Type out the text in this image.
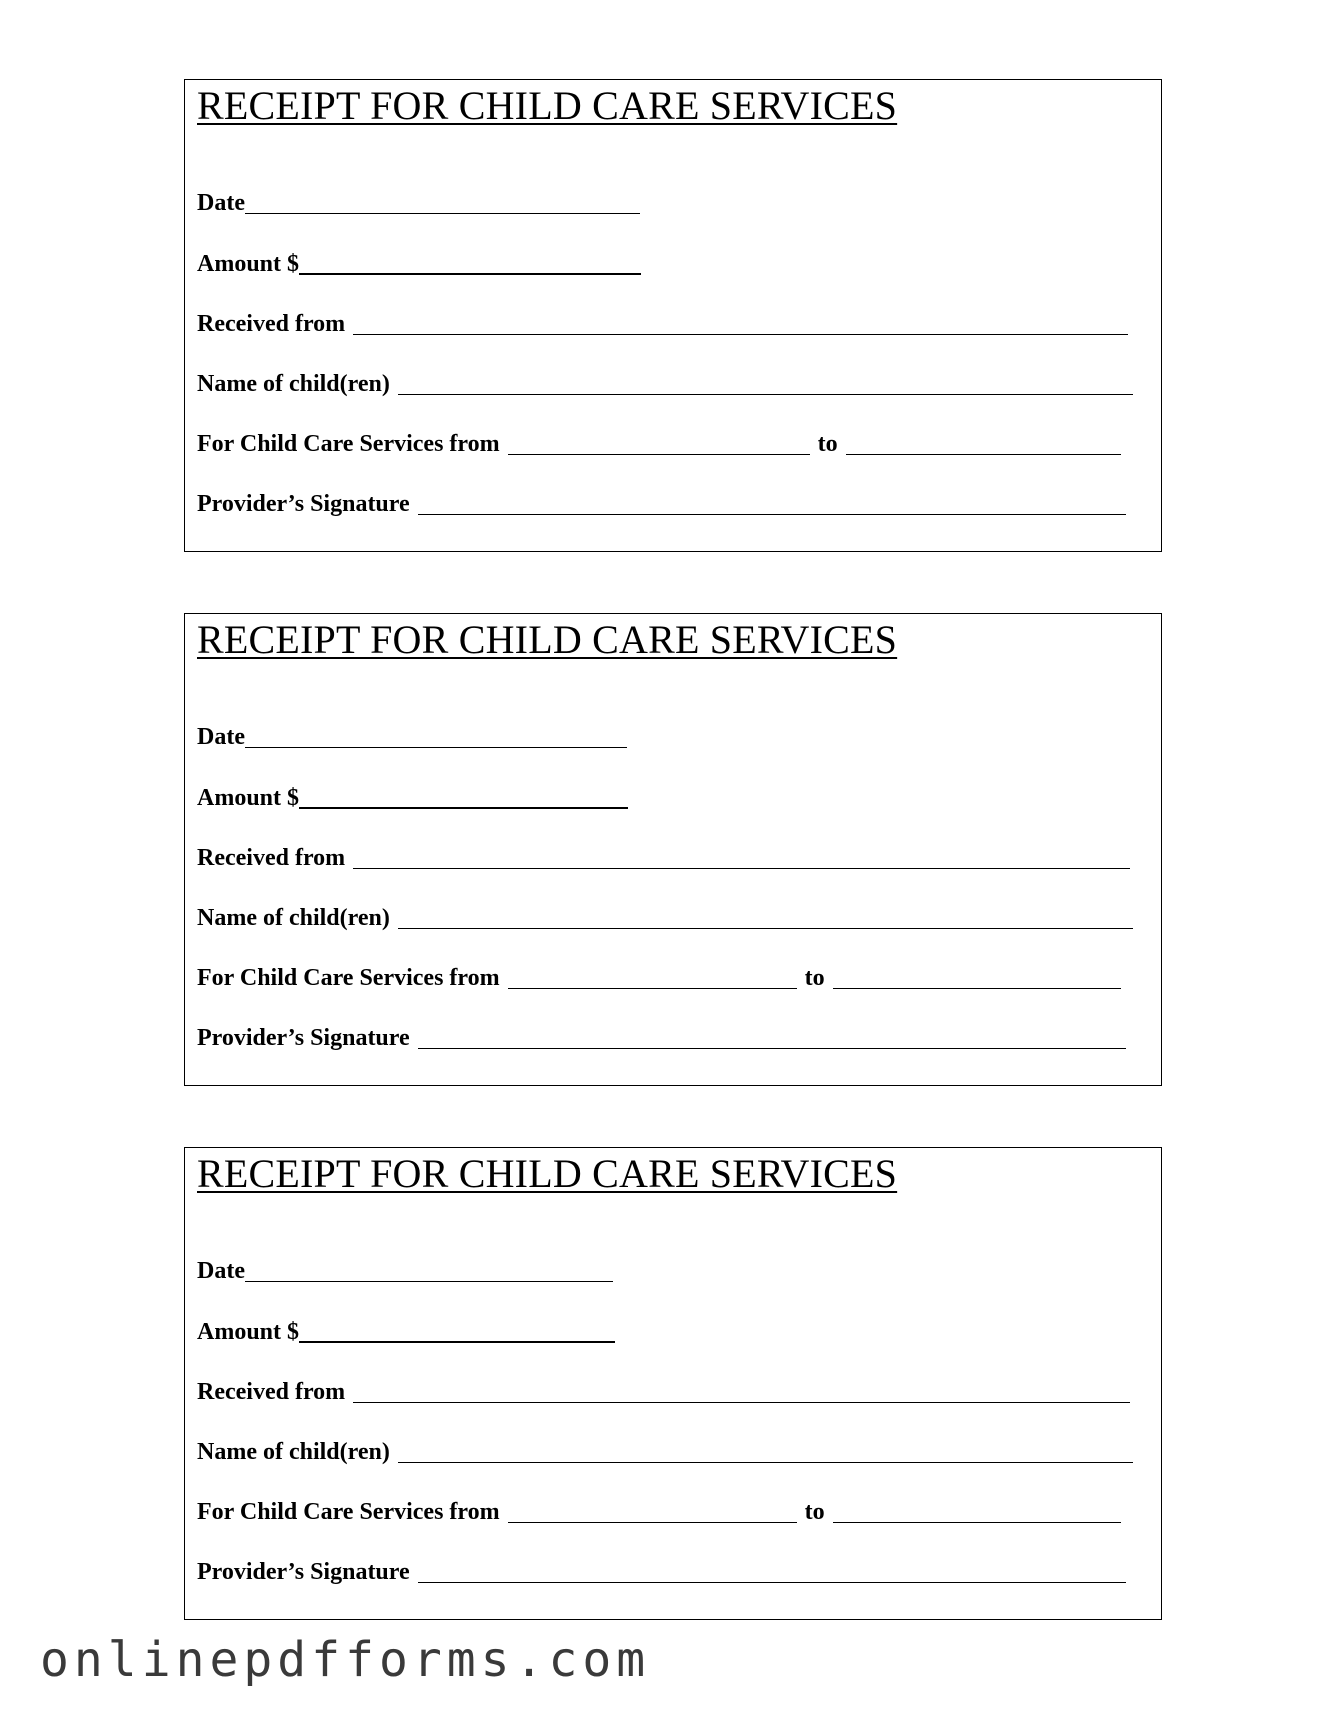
RECEIPT FOR CHILD CARE SERVICES
Date
Amount $
Received from
Name of child(ren)
For Child Care Services from	to
Provider’s Signature
RECEIPT FOR CHILD CARE SERVICES
Date
Amount $
Received from
Name of child(ren)
For Child Care Services from	to
Provider’s Signature
RECEIPT FOR CHILD CARE SERVICES
Date
Amount $
Received from
Name of child(ren)
For Child Care Services from	to
Provider’s Signature
onlinepdfforms.com
